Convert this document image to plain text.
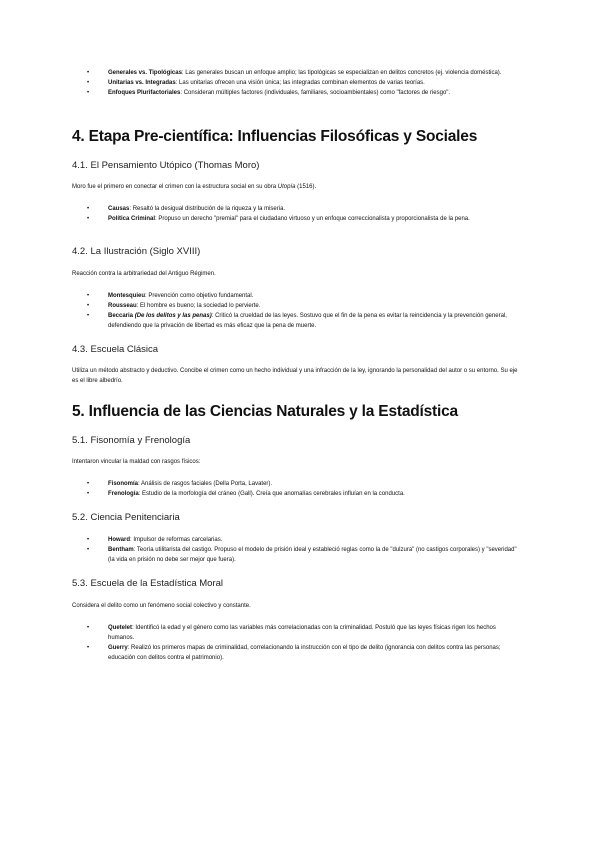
• Generales vs. Tipológicas: Las generales buscan un enfoque amplio; las tipológicas se especializan en delitos concretos (ej. violencia doméstica).
• Unitarias vs. Integradas: Las unitarias ofrecen una visión única; las integradas combinan elementos de varias teorías.
• Enfoques Plurifactoriales: Consideran múltiples factores (individuales, familiares, socioambientales) como "factores de riesgo".
4. Etapa Pre-científica: Influencias Filosóficas y Sociales
4.1. El Pensamiento Utópico (Thomas Moro)

Moro fue el primero en conectar el crimen con la estructura social en su obra Utopía (1516).

• Causas: Resaltó la desigual distribución de la riqueza y la miseria.
• Política Criminal: Propuso un derecho "premial" para el ciudadano virtuoso y un enfoque correccionalista y proporcionalista de la pena.
4.2. La Ilustración (Siglo XVIII)

Reacción contra la arbitrariedad del Antiguo Régimen.

• Montesquieu: Prevención como objetivo fundamental.
• Rousseau: El hombre es bueno; la sociedad lo pervierte.
• Beccaria (De los delitos y las penas): Criticó la crueldad de las leyes. Sostuvo que el fin de la pena es evitar la reincidencia y la prevención general, defendiendo que la privación de libertad es más eficaz que la pena de muerte.
4.3. Escuela Clásica

Utiliza un método abstracto y deductivo. Concibe el crimen como un hecho individual y una infracción de la ley, ignorando la personalidad del autor o su entorno. Su eje es el libre albedrío.

5. Influencia de las Ciencias Naturales y la Estadística
5.1. Fisonomía y Frenología

Intentaron vincular la maldad con rasgos físicos:

• Fisonomía: Análisis de rasgos faciales (Della Porta, Lavater).
• Frenología: Estudio de la morfología del cráneo (Gall). Creía que anomalías cerebrales influían en la conducta.
5.2. Ciencia Penitenciaria
• Howard: Impulsor de reformas carcelarias.
• Bentham: Teoría utilitarista del castigo. Propuso el modelo de prisión ideal y estableció reglas como la de "dulzura" (no castigos corporales) y "severidad" (la vida en prisión no debe ser mejor que fuera).
5.3. Escuela de la Estadística Moral

Considera el delito como un fenómeno social colectivo y constante.

• Quetelet: Identificó la edad y el género como las variables más correlacionadas con la criminalidad. Postuló que las leyes físicas rigen los hechos humanos.
• Guerry: Realizó los primeros mapas de criminalidad, correlacionando la instrucción con el tipo de delito (ignorancia con delitos contra las personas; educación con delitos contra el patrimonio).
